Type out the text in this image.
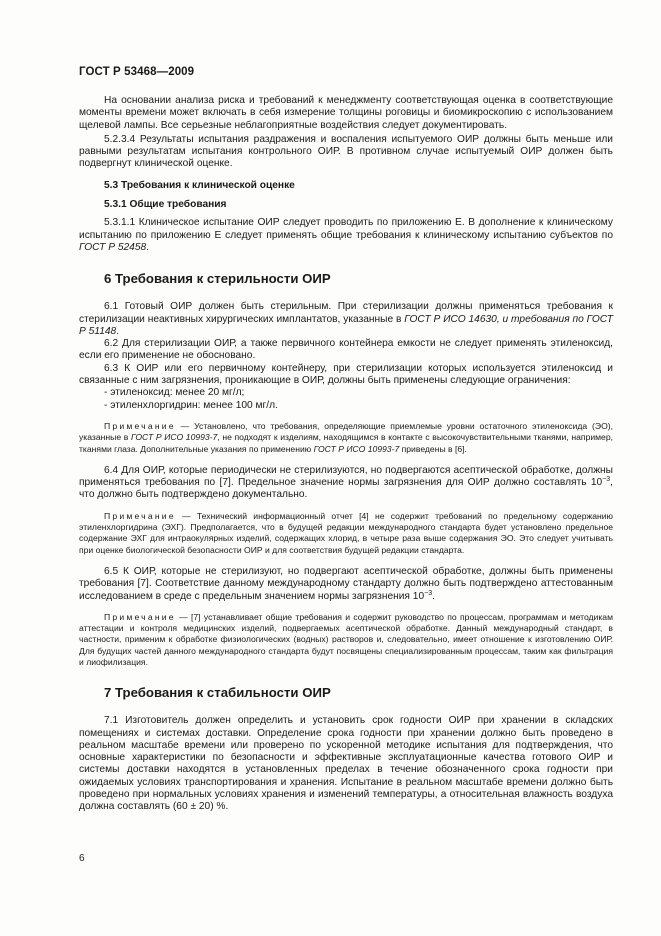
ГОСТ Р 53468—2009

На основании анализа риска и требований к менеджменту соответствующая оценка в соответствующие моменты времени может включать в себя измерение толщины роговицы и биомикроскопию с использованием щелевой лампы. Все серьезные неблагоприятные воздействия следует документировать.

5.2.3.4 Результаты испытания раздражения и воспаления испытуемого ОИР должны быть меньше или равными результатам испытания контрольного ОИР. В противном случае испытуемый ОИР должен быть подвергнут клинической оценке.

5.3 Требования к клинической оценке
5.3.1 Общие требования

5.3.1.1 Клиническое испытание ОИР следует проводить по приложению Е. В дополнение к клиническому испытанию по приложению Е следует применять общие требования к клиническому испытанию субъектов по ГОСТ Р 52458.

6 Требования к стерильности ОИР

6.1 Готовый ОИР должен быть стерильным. При стерилизации должны применяться требования к стерилизации неактивных хирургических имплантатов, указанные в ГОСТ Р ИСО 14630, и требования по ГОСТ Р 51148.

6.2 Для стерилизации ОИР, а также первичного контейнера емкости не следует применять этиленоксид, если его применение не обосновано.

6.3 К ОИР или его первичному контейнеру, при стерилизации которых используется этиленоксид и связанные с ним загрязнения, проникающие в ОИР, должны быть применены следующие ограничения:

- этиленоксид: менее 20 мг/л;

- этиленхлоргидрин: менее 100 мг/л.

Примечание — Установлено, что требования, определяющие приемлемые уровни остаточного этиленоксида (ЭО), указанные в ГОСТ Р ИСО 10993-7, не подходят к изделиям, находящимся в контакте с высокочувствительными тканями, например, тканями глаза. Дополнительные указания по применению ГОСТ Р ИСО 10993-7 приведены в [6].

6.4 Для ОИР, которые периодически не стерилизуются, но подвергаются асептической обработке, должны применяться требования по [7]. Предельное значение нормы загрязнения для ОИР должно составлять $10^{-3}$, что должно быть подтверждено документально.

Примечание — Технический информационный отчет [4] не содержит требований по предельному содержанию этиленхлоргидрина (ЭХГ). Предполагается, что в будущей редакции международного стандарта будет установлено предельное содержание ЭХГ для интраокулярных изделий, содержащих хлорид, в четыре раза выше содержания ЭО. Это следует учитывать при оценке биологической безопасности ОИР и для соответствия будущей редакции стандарта.

6.5 К ОИР, которые не стерилизуют, но подвергают асептической обработке, должны быть применены требования [7]. Соответствие данному международному стандарту должно быть подтверждено аттестованным исследованием в среде с предельным значением нормы загрязнения $10^{-3}$.

Примечание — [7] устанавливает общие требования и содержит руководство по процессам, программам и методикам аттестации и контроля медицинских изделий, подвергаемых асептической обработке. Данный международный стандарт, в частности, применим к обработке физиологических (водных) растворов и, следовательно, имеет отношение к изготовлению ОИР. Для будущих частей данного международного стандарта будут посвящены специализированным процессам, таким как фильтрация и лиофилизация.

7 Требования к стабильности ОИР

7.1 Изготовитель должен определить и установить срок годности ОИР при хранении в складских помещениях и системах доставки. Определение срока годности при хранении должно быть проведено в реальном масштабе времени или проверено по ускоренной методике испытания для подтверждения, что основные характеристики по безопасности и эффективные эксплуатационные качества готового ОИР и системы доставки находятся в установленных пределах в течение обозначенного срока годности при ожидаемых условиях транспортирования и хранения. Испытание в реальном масштабе времени должно быть проведено при нормальных условиях хранения и изменений температуры, а относительная влажность воздуха должна составлять (60 ± 20) %.

6
